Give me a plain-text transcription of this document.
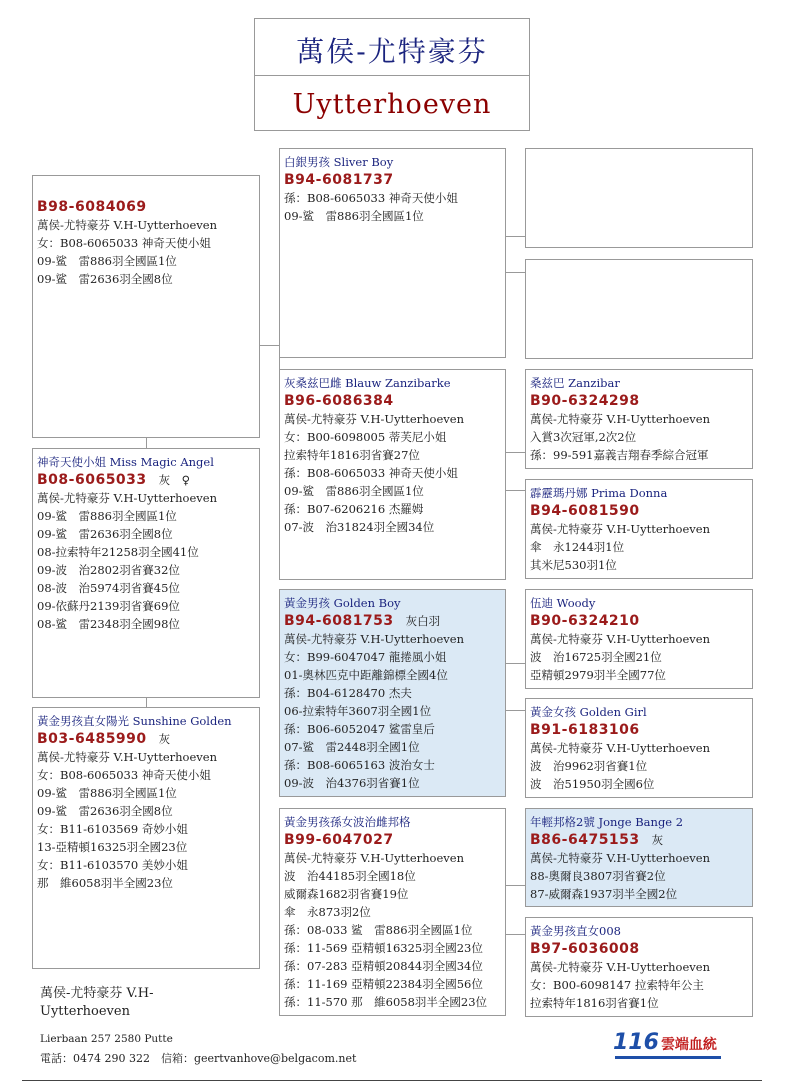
萬侯-尤特豪芬
Uytterhoeven
B98-6084069
萬侯-尤特豪芬 V.H-Uytterhoeven
女：B08-6065033 神奇天使小姐
09-鲨　雷886羽全國區1位
09-鲨　雷2636羽全國8位
白銀男孩 Sliver Boy
B94-6081737
孫：B08-6065033 神奇天使小姐
09-鲨　雷886羽全國區1位
灰桑兹巴雌 Blauw Zanzibarke
B96-6086384
萬侯-尤特豪芬 V.H-Uytterhoeven
女：B00-6098005 蒂芙尼小姐
拉索特年1816羽省賽27位
孫：B08-6065033 神奇天使小姐
09-鲨　雷886羽全國區1位
孫：B07-6206216 杰羅姆
07-波　治31824羽全國34位
桑兹巴 Zanzibar
B90-6324298
萬侯-尤特豪芬 V.H-Uytterhoeven
入賞3次冠軍,2次2位
孫：99-591嘉義吉翔春季綜合冠軍
霹靂瑪丹娜 Prima Donna
B94-6081590
萬侯-尤特豪芬 V.H-Uytterhoeven
傘　永1244羽1位
其米尼530羽1位
神奇天使小姐 Miss Magic Angel
B08-6065033 灰　♀
萬侯-尤特豪芬 V.H-Uytterhoeven
09-鲨　雷886羽全國區1位
09-鲨　雷2636羽全國8位
08-拉索特年21258羽全國41位
09-波　治2802羽省賽32位
08-波　治5974羽省賽45位
09-依蘇丹2139羽省賽69位
08-鲨　雷2348羽全國98位
黃金男孩直女陽光 Sunshine Golden
B03-6485990 灰
萬侯-尤特豪芬 V.H-Uytterhoeven
女：B08-6065033 神奇天使小姐
09-鲨　雷886羽全國區1位
09-鲨　雷2636羽全國8位
女：B11-6103569 奇妙小姐
13-亞精頓16325羽全國23位
女：B11-6103570 美妙小姐
那　維6058羽半全國23位
黃金男孩 Golden Boy
B94-6081753 灰白羽
萬侯-尤特豪芬 V.H-Uytterhoeven
女：B99-6047047 龍捲風小姐
01-奧林匹克中距離錦標全國4位
孫：B04-6128470 杰夫
06-拉索特年3607羽全國1位
孫：B06-6052047 鲨雷皇后
07-鲨　雷2448羽全國1位
孫：B08-6065163 波治女士
09-波　治4376羽省賽1位
黃金男孩孫女波治雌邦格
B99-6047027
萬侯-尤特豪芬 V.H-Uytterhoeven
波　治44185羽全國18位
威爾森1682羽省賽19位
傘　永873羽2位
孫：08-033 鲨　雷886羽全國區1位
孫：11-569 亞精頓16325羽全國23位
孫：07-283 亞精頓20844羽全國34位
孫：11-169 亞精頓22384羽全國56位
孫：11-570 那　維6058羽半全國23位
伍迪 Woody
B90-6324210
萬侯-尤特豪芬 V.H-Uytterhoeven
波　治16725羽全國21位
亞精頓2979羽半全國77位
黃金女孩 Golden Girl
B91-6183106
萬侯-尤特豪芬 V.H-Uytterhoeven
波　治9962羽省賽1位
波　治51950羽全國6位
年輕邦格2號 Jonge Bange 2
B86-6475153 灰
萬侯-尤特豪芬 V.H-Uytterhoeven
88-奧爾良3807羽省賽2位
87-威爾森1937羽半全國2位
黃金男孩直女008
B97-6036008
萬侯-尤特豪芬 V.H-Uytterhoeven
女：B00-6098147 拉索特年公主
拉索特年1816羽省賽1位
萬侯-尤特豪芬 V.H-Uytterhoeven
Lierbaan 257 2580 Putte
電話：0474 290 322　信箱：geertvanhove@belgacom.net
116 雲端血統
